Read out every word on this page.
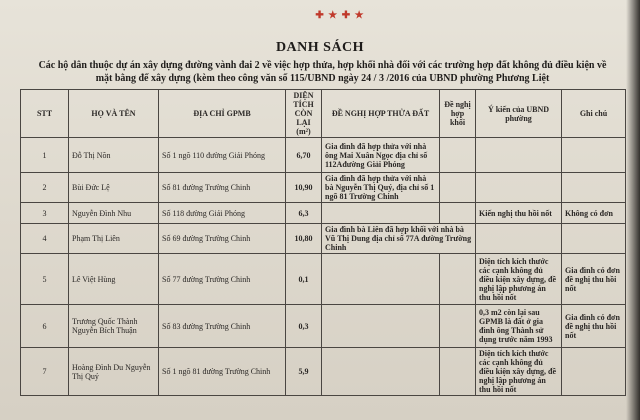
✚ ★ ✚ ★
DANH SÁCH
Các hộ dân thuộc dự án xây dựng đường vành đai 2 về việc hợp thửa, hợp khối nhà đối với các trường hợp đất không đủ điều kiện về mặt bằng để xây dựng (kèm theo công văn số 115/UBND ngày 24 / 3 /2016 của UBND phường Phương Liệt
STT	HỌ VÀ TÊN	ĐỊA CHỈ GPMB	DIỆN TÍCH CÒN LẠI (m²)	ĐỀ NGHỊ HỢP THỬA ĐẤT	Đề nghị hợp khối	Ý kiến của UBND phường	Ghi chú
1	Đỗ Thị Nõn	Số 1 ngõ 110 đường Giải Phóng	6,70	Gia đình đã hợp thửa với nhà ông Mai Xuân Ngọc địa chỉ số 112Ađường Giải Phóng			
2	Bùi Đức Lệ	Số 81 đường Trường Chinh	10,90	Gia đình đã hợp thửa với nhà bà Nguyễn Thị Quý, địa chỉ số 1 ngõ 81 Trường Chinh			
3	Nguyễn Đình Nhu	Số 118 đường Giải Phóng	6,3			Kiến nghị thu hồi nốt	Không có đơn
4	Phạm Thị Liên	Số 69 đường Trường Chinh	10,80	Gia đình bà Liên đã hợp khối với nhà bà Vũ Thị Dung địa chỉ số 77A đường Trường Chinh			
5	Lê Việt Hùng	Số 77 đường Trường Chinh	0,1			Diện tích kích thước các cạnh không đủ điều kiện xây dựng, đề nghị lập phương án thu hồi nốt	Gia đình có đơn đề nghị thu hồi nốt
6	Trương Quốc Thành Nguyễn Bích Thuận	Số 83 đường Trường Chinh	0,3			0,3 m2 còn lại sau GPMB là đất ở gia đình ông Thành sử dụng trước năm 1993	Gia đình có đơn đề nghị thu hồi nốt
7	Hoàng Đình Du Nguyễn Thị Quý	Số 1 ngõ 81 đường Trường Chinh	5,9			Diện tích kích thước các cạnh không đủ điều kiện xây dựng, đề nghị lập phương án thu hồi nốt	
